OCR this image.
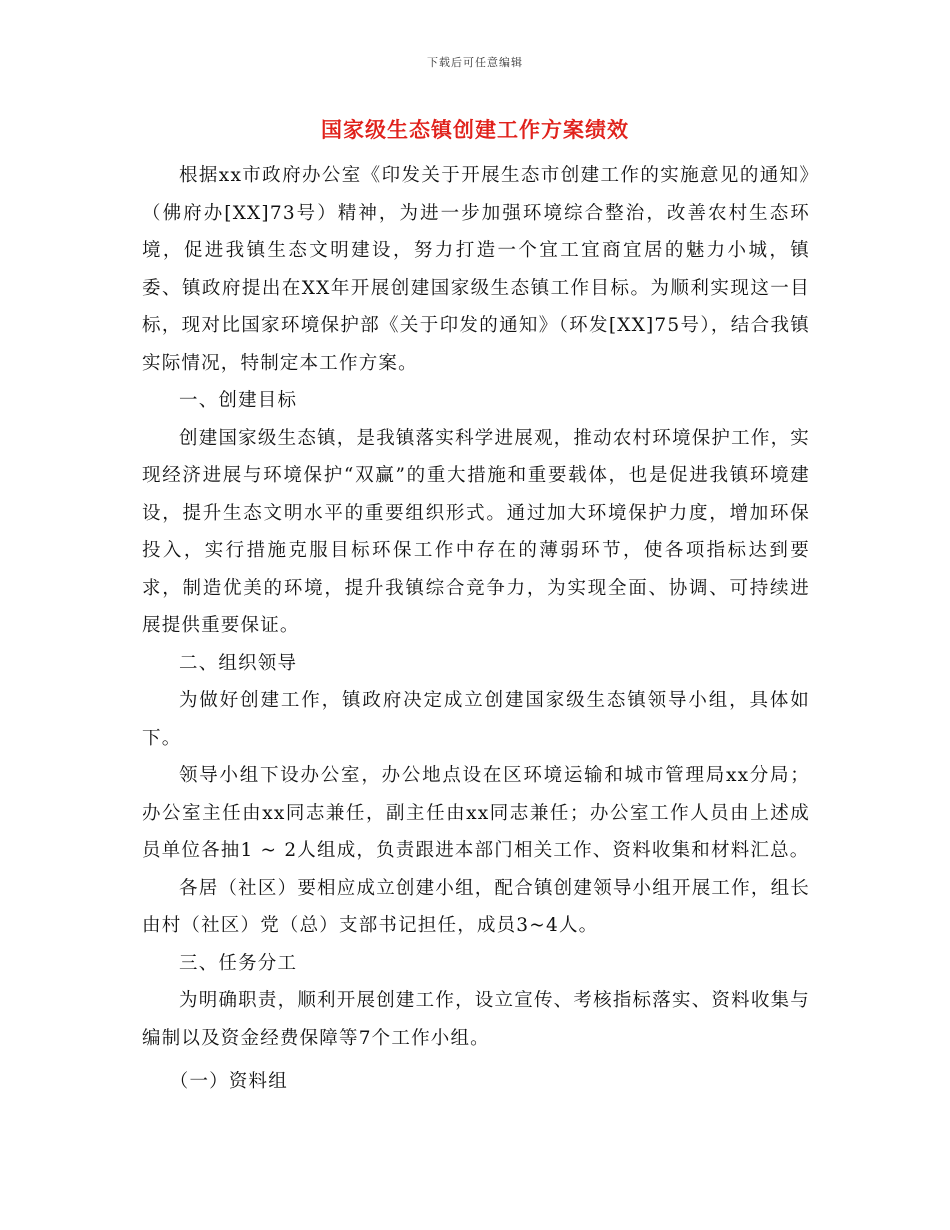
下载后可任意编辑
国家级生态镇创建工作方案绩效

根据xx市政府办公室《印发关于开展生态市创建工作的实施意见的通知》（佛府办[XX]73号）精神，为进一步加强环境综合整治，改善农村生态环境，促进我镇生态文明建设，努力打造一个宜工宜商宜居的魅力小城，镇委、镇政府提出在XX年开展创建国家级生态镇工作目标。为顺利实现这一目标，现对比国家环境保护部《关于印发的通知》（环发[XX]75号），结合我镇实际情况，特制定本工作方案。

一、创建目标

创建国家级生态镇，是我镇落实科学进展观，推动农村环境保护工作，实现经济进展与环境保护“双赢”的重大措施和重要载体，也是促进我镇环境建设，提升生态文明水平的重要组织形式。通过加大环境保护力度，增加环保投入，实行措施克服目标环保工作中存在的薄弱环节，使各项指标达到要求，制造优美的环境，提升我镇综合竞争力，为实现全面、协调、可持续进展提供重要保证。

二、组织领导

为做好创建工作，镇政府决定成立创建国家级生态镇领导小组，具体如下。

领导小组下设办公室，办公地点设在区环境运输和城市管理局xx分局；办公室主任由xx同志兼任，副主任由xx同志兼任；办公室工作人员由上述成员单位各抽1 ~ 2人组成，负责跟进本部门相关工作、资料收集和材料汇总。

各居（社区）要相应成立创建小组，配合镇创建领导小组开展工作，组长由村（社区）党（总）支部书记担任，成员3~4人。

三、任务分工

为明确职责，顺利开展创建工作，设立宣传、考核指标落实、资料收集与编制以及资金经费保障等7个工作小组。

（一）资料组
